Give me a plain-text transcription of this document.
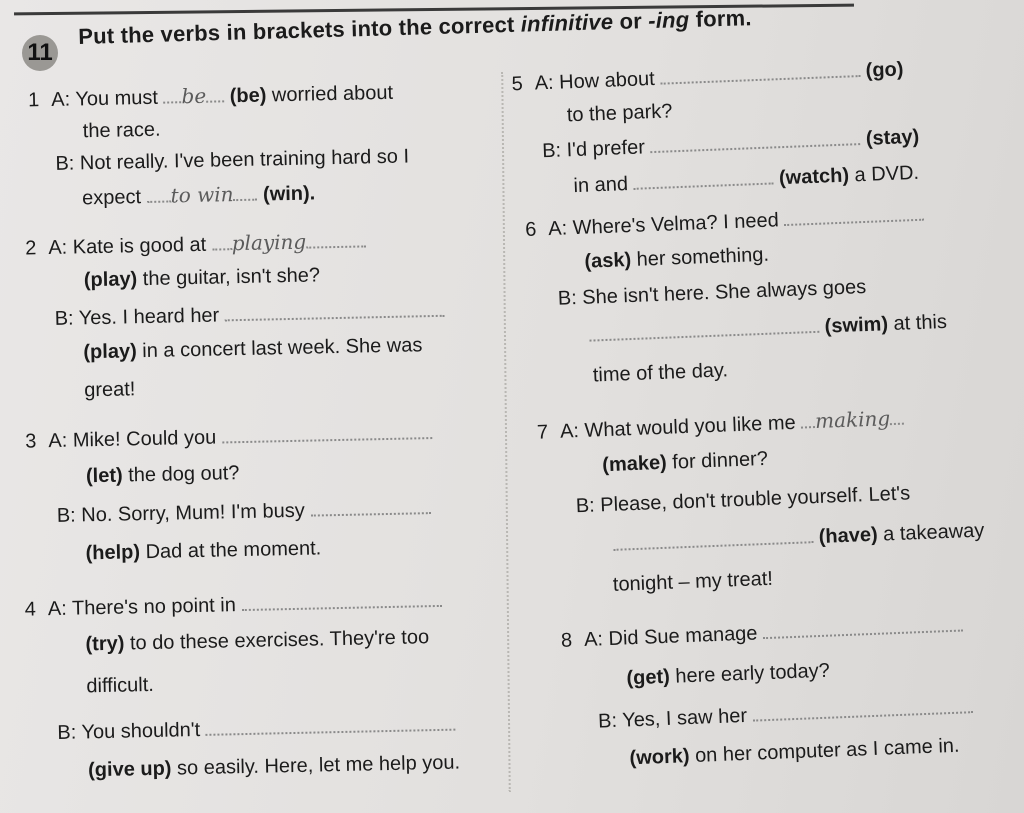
11
Put the verbs in brackets into the correct infinitive or -ing form.
1 A: You must be (be) worried about
the race.
B: Not really. I've been training hard so I
expect to win (win).
2 A: Kate is good at playing
(play) the guitar, isn't she?
B: Yes. I heard her
(play) in a concert last week. She was
great!
3 A: Mike! Could you
(let) the dog out?
B: No. Sorry, Mum! I'm busy
(help) Dad at the moment.
4 A: There's no point in
(try) to do these exercises. They're too
difficult.
B: You shouldn't
(give up) so easily. Here, let me help you.
5 A: How about	(go)
to the park?
B: I'd prefer	(stay)
in and	(watch) a DVD.
6 A: Where's Velma? I need
(ask) her something.
B: She isn't here. She always goes
(swim) at this
time of the day.
7 A: What would you like me making
(make) for dinner?
B: Please, don't trouble yourself. Let's
(have) a takeaway
tonight – my treat!
8 A: Did Sue manage
(get) here early today?
B: Yes, I saw her
(work) on her computer as I came in.
